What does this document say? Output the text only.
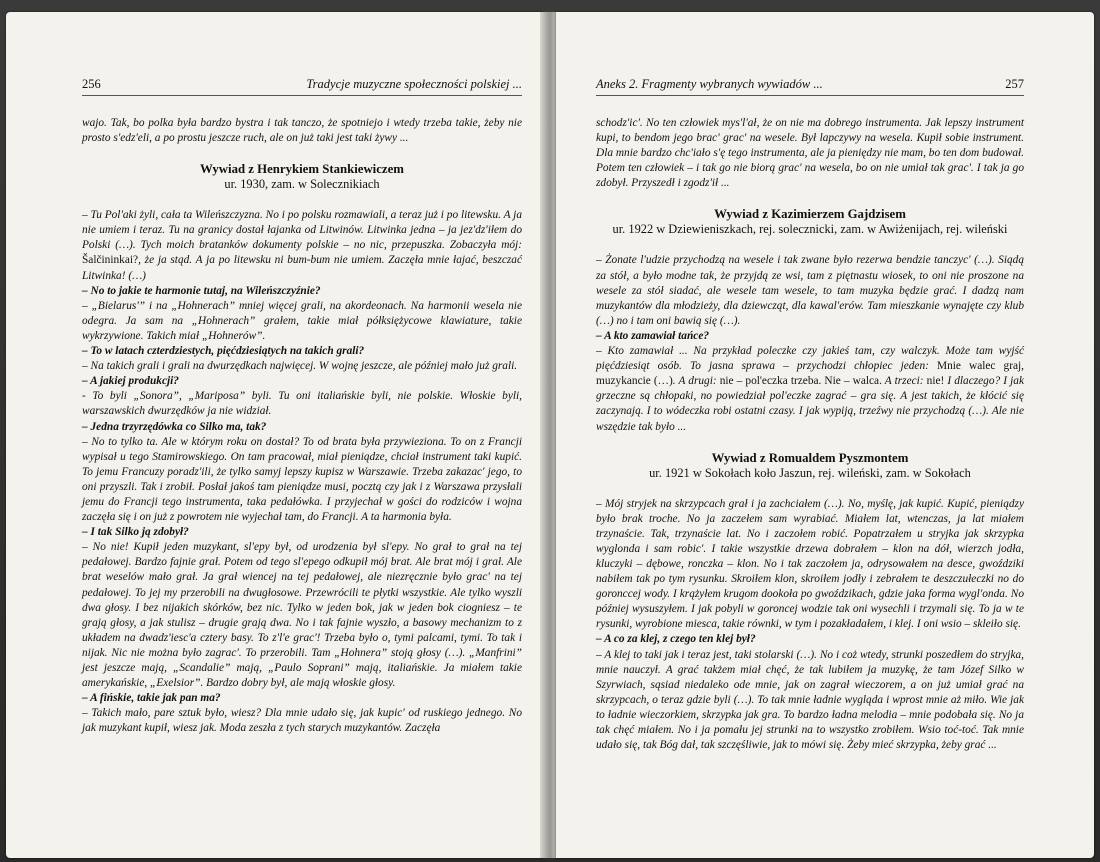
256	Tradycje muzyczne społeczności polskiej ...

wajo. Tak, bo polka była bardzo bystra i tak tanczo, że spotniejo i wtedy trzeba takie, żeby nie prosto s'edz'eli, a po prostu jeszcze ruch, ale on już taki jest taki żywy ...

Wywiad z Henrykiem Stankiewiczem
ur. 1930, zam. w Solecznikiach

– Tu Pol'aki żyli, cała ta Wileńszczyzna. No i po polsku rozmawiali, a teraz już i po litewsku. A ja nie umiem i teraz. Tu na granicy dostał łajanka od Litwinów. Litwinka jedna – ja jez'dz'iłem do Polski (…). Tych moich bratanków dokumenty polskie – no nic, przepuszka. Zobaczyła mój: Šalčininkai?, że ja stąd. A ja po litewsku ni bum-bum nie umiem. Zaczęła mnie łajać, beszczać Litwinka! (…)

– No to jakie te harmonie tutaj, na Wileńszczyźnie?

– „Bielarus'” i na „Hohnerach” mniej więcej grali, na akordeonach. Na harmonii wesela nie odegra. Ja sam na „Hohnerach” grałem, takie miał półksiężycowe klawiature, takie wykrzywione. Takich miał „Hohnerów”.

– To w latach czterdziestych, pięćdziesiątych na takich grali?

– Na takich grali i grali na dwurzędkach najwięcej. W wojnę jeszcze, ale później mało już grali.

– A jakiej produkcji?

- To byli „Sonora”, „Mariposa” byli. Tu oni italiańskie byli, nie polskie. Włoskie byli, warszawskich dwurzędków ja nie widział.

– Jedna trzyrzędówka co Silko ma, tak?

– No to tylko ta. Ale w którym roku on dostał? To od brata była przywieziona. To on z Francji wypisał u tego Stamirowskiego. On tam pracował, miał pieniądze, chciał instrument taki kupić. To jemu Francuzy poradz'ili, że tylko samyj lepszy kupisz w Warszawie. Trzeba zakazac' jego, to oni przyszli. Tak i zrobił. Posłał jakoś tam pieniądze musi, pocztą czy jak i z Warszawa przysłali jemu do Francji tego instrumenta, taka pedałówka. I przyjechał w gości do rodziców i wojna zaczęła się i on już z powrotem nie wyjechał tam, do Francji. A ta harmonia była.

– I tak Silko ją zdobył?

– No nie! Kupił jeden muzykant, sl'epy był, od urodzenia był sl'epy. No grał to grał na tej pedałowej. Bardzo fajnie grał. Potem od tego sl'epego odkupił mój brat. Ale brat mój i grał. Ale brat weselów mało grał. Ja grał wiencej na tej pedałowej, ale niezręcznie było grac' na tej pedałowej. To jej my przerobili na dwugłosowe. Przewrócili te płytki wszystkie. Ale tylko wyszli dwa głosy. I bez nijakich skórków, bez nic. Tylko w jeden bok, jak w jeden bok ciogniesz – te grają głosy, a jak stulisz – drugie grają dwa. No i tak fajnie wyszło, a basowy mechanizm to z układem na dwadz'iesc'a cztery basy. To z'l'e grac'! Trzeba było o, tymi palcami, tymi. To tak i nijak. Nic nie można było zagrac'. To przerobili. Tam „Hohnera” stoją głosy (…). „Manfrini” jest jeszcze mają, „Scandalie” mają, „Paulo Soprani” mają, italiańskie. Ja miałem takie amerykańskie, „Exelsior”. Bardzo dobry był, ale mają włoskie głosy.

– A fińskie, takie jak pan ma?

– Takich mało, pare sztuk było, wiesz? Dla mnie udało się, jak kupic' od ruskiego jednego. No jak muzykant kupił, wiesz jak. Moda zeszła z tych starych muzykantów. Zaczęła

Aneks 2. Fragmenty wybranych wywiadów ...	257

schodz'ic'. No ten człowiek mys'l'ał, że on nie ma dobrego instrumenta. Jak lepszy instrument kupi, to bendom jego brac' grac' na wesele. Był lapczywy na wesela. Kupił sobie instrument. Dla mnie bardzo chc'iało s'ę tego instrumenta, ale ja pieniędzy nie mam, bo ten dom budował. Potem ten człowiek – i tak go nie biorą grac' na wesela, bo on nie umiał tak grac'. I tak ja go zdobył. Przyszedł i zgodz'ił ...

Wywiad z Kazimierzem Gajdzisem
ur. 1922 w Dziewieniszkach, rej. solecznicki, zam. w Awiżenijach, rej. wileński

– Żonate l'udzie przychodzą na wesele i tak zwane było rezerwa bendzie tanczyc' (…). Siądą za stół, a było modne tak, że przyjdą ze wsi, tam z piętnastu wiosek, to oni nie proszone na wesele za stół siadać, ale wesele tam wesele, to tam muzyka będzie grać. I dadzą nam muzykantów dla młodzieży, dla dziewcząt, dla kawal'erów. Tam mieszkanie wynajęte czy klub (…) no i tam oni bawią się (…).

– A kto zamawiał tańce?

– Kto zamawiał ... Na przykład poleczke czy jakieś tam, czy walczyk. Może tam wyjść pięćdziesiąt osób. To jasna sprawa – przychodzi chłopiec jeden: Mnie walec graj, muzykancie (…). A drugi: nie – pol'eczka trzeba. Nie – walca. A trzeci: nie! I dlaczego? I jak grzeczne są chłopaki, no powiedział pol'eczke zagrać – gra się. A jest takich, że kłócić się zaczynają. I to wódeczka robi ostatni czasy. I jak wypiją, trzeźwy nie przychodzą (…). Ale nie wszędzie tak było ...

Wywiad z Romualdem Pyszmontem
ur. 1921 w Sokołach koło Jaszun, rej. wileński, zam. w Sokołach

– Mój stryjek na skrzypcach grał i ja zachciałem (…). No, myślę, jak kupić. Kupić, pieniądzy było brak troche. No ja zaczełem sam wyrabiać. Miałem lat, wtenczas, ja lat miałem trzynaście. Tak, trzynaście lat. No i zaczołem robić. Popatrzałem u stryjka jak skrzypka wyglonda i sam robic'. I takie wszystkie drzewa dobrałem – klon na dół, wierzch jodła, kluczyki – dębowe, ronczka – klon. No i tak zaczołem ja, odrysowałem na desce, gwoździki nabiłem tak po tym rysunku. Skroiłem klon, skroiłem jodły i zebrałem te deszczułeczki no do goronccej wody. I krążyłem krugom dookoła po gwoździkach, gdzie jaka forma wygl'onda. No później wysuszyłem. I jak pobyli w goroncej wodzie tak oni wysechli i trzymali się. To ja w te rysunki, wyrobione miesca, takie równki, w tym i pozakładałem, i klej. I oni wsio – skleiło się.

– A co za klej, z czego ten klej był?

– A klej to taki jak i teraz jest, taki stolarski (…). No i coż wtedy, strunki poszedłem do stryjka, mnie nauczył. A grać takżem miał chęć, że tak lubiłem ja muzykę, że tam Józef Silko w Szyrwiach, sąsiad niedaleko ode mnie, jak on zagrał wieczorem, a on już umiał grać na skrzypcach, o teraz gdzie byli (…). To tak mnie ładnie wygląda i wprost mnie aż miło. Wie jak to ładnie wieczorkiem, skrzypka jak gra. To bardzo ładna melodia – mnie podobała się. No ja tak chęć miałem. No i ja pomału jej strunki na to wszystko zrobiłem. Wsio toć-toć. Tak mnie udało się, tak Bóg dał, tak szczęśliwie, jak to mówi się. Żeby mieć skrzypka, żeby grać ...
